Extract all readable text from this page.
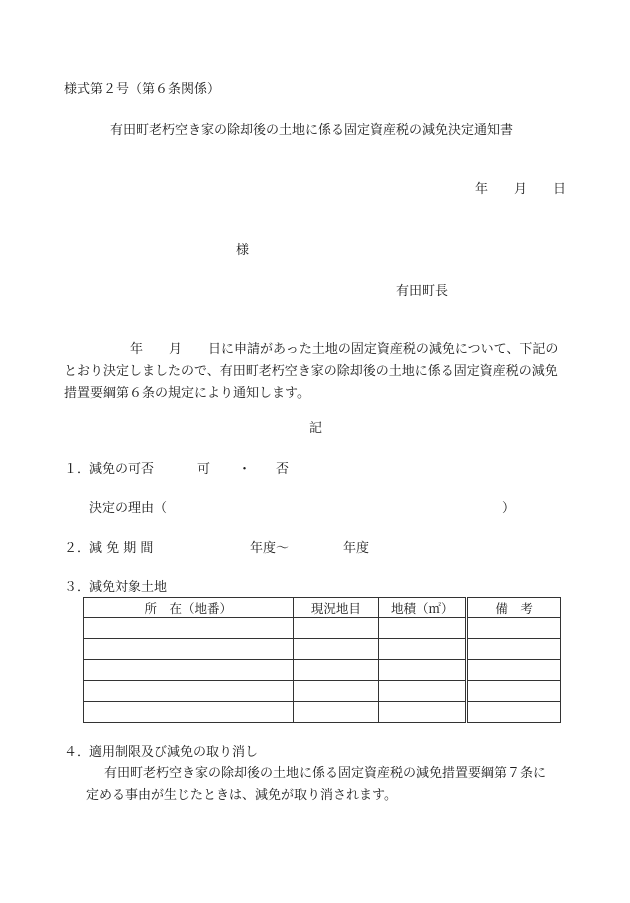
様式第２号（第６条関係）
有田町老朽空き家の除却後の土地に係る固定資産税の減免決定通知書
年 月 日
様
有田町長
年　　月　　日に申請があった土地の固定資産税の減免について、下記の
とおり決定しましたので、有田町老朽空き家の除却後の土地に係る固定資産税の減免
措置要綱第６条の規定により通知します。
記
１．
減免の可否	可 ・ 否
決定の理由（	）
２．
減 免 期 間	年度～	年度
３．
減免対象土地
所　在（地番）	現況地目	地積（㎡）	備　考

４．
適用制限及び減免の取り消し
有田町老朽空き家の除却後の土地に係る固定資産税の減免措置要綱第７条に
定める事由が生じたときは、減免が取り消されます。
